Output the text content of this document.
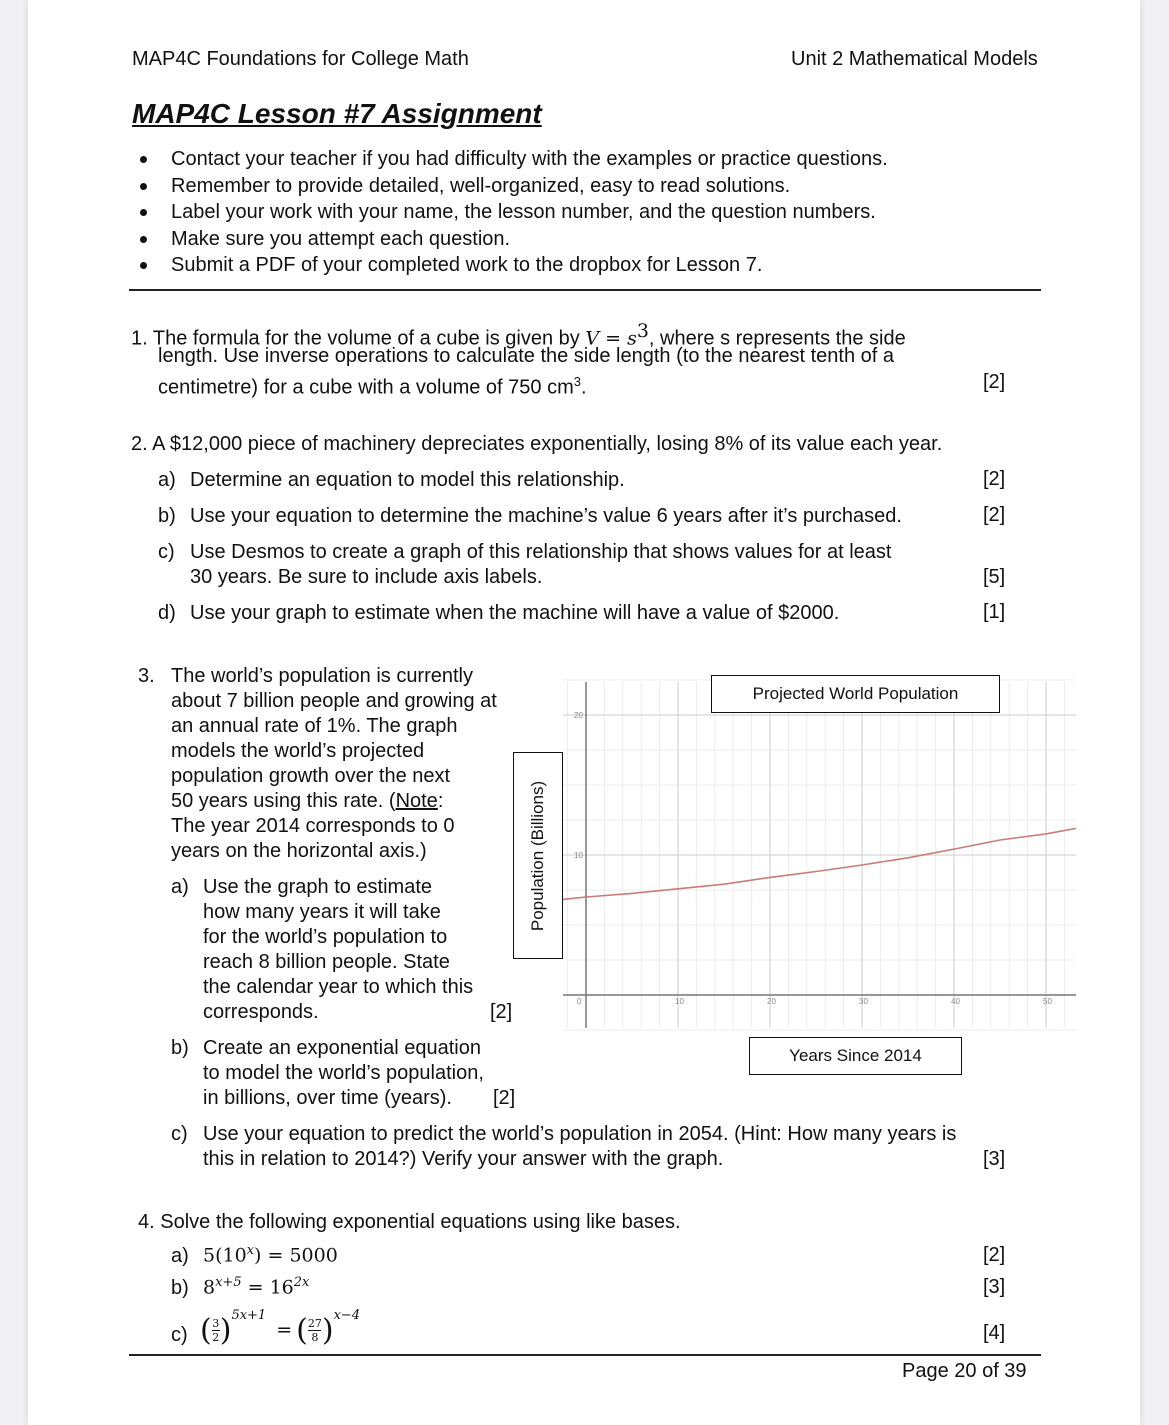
MAP4C Foundations for College Math	Unit 2 Mathematical Models
MAP4C Lesson #7 Assignment
Contact your teacher if you had difficulty with the examples or practice questions.
Remember to provide detailed, well-organized, easy to read solutions.
Label your work with your name, the lesson number, and the question numbers.
Make sure you attempt each question.
Submit a PDF of your completed work to the dropbox for Lesson 7.
1. The formula for the volume of a cube is given by $V = s^3$, where s represents the side
length. Use inverse operations to calculate the side length (to the nearest tenth of a
centimetre) for a cube with a volume of 750 $cm^3$.	[2]
2. A $12,000 piece of machinery depreciates exponentially, losing 8% of its value each year.
a) Determine an equation to model this relationship.	[2]
b) Use your equation to determine the machine’s value 6 years after it’s purchased.	[2]
c) Use Desmos to create a graph of this relationship that shows values for at least
30 years. Be sure to include axis labels.	[5]
d) Use your graph to estimate when the machine will have a value of $2000.	[1]
3. The world’s population is currently
about 7 billion people and growing at
an annual rate of 1%. The graph
models the world’s projected
population growth over the next
50 years using this rate. (Note:
The year 2014 corresponds to 0
years on the horizontal axis.)
a) Use the graph to estimate
how many years it will take
for the world’s population to
reach 8 billion people. State
the calendar year to which this
corresponds.	[2]
b) Create an exponential equation
to model the world’s population,
in billions, over time (years). [2]
c) Use your equation to predict the world’s population in 2054. (Hint: How many years is
this in relation to 2014?) Verify your answer with the graph.	[3]
0	10	20	30	40	50
10
20
Projected World Population
Years Since 2014
Population (Billions)
4. Solve the following exponential equations using like bases.
a) $5(10^x) = 5000$	[2]
b) $8^{x+5} = 16^{2x}$	[3]
c) ( $\frac{3}{2}$ ) 5x+1
= ( $\frac{27}{8}$ ) x−4
[4]
Page 20 of 39
